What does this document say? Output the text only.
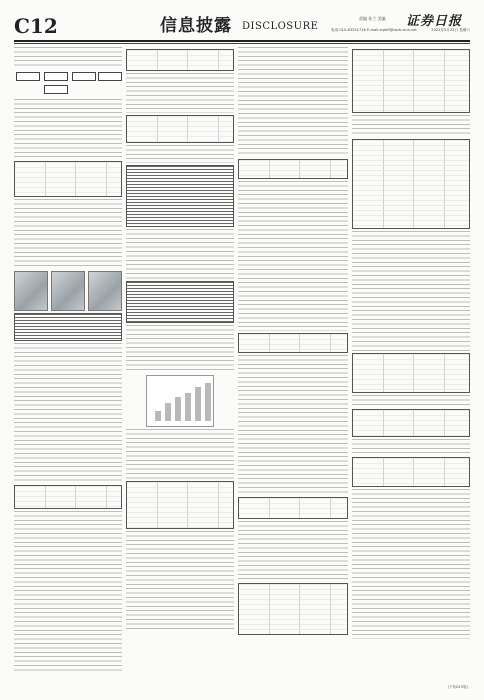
C12	信息披露 DISCLOSURE
责编 孙兰 美编
电话:010-83251716 E-mail:zqrb9@zqrb.sina.net
证券日报
2021年5月22日 星期六
(下转D15版)
